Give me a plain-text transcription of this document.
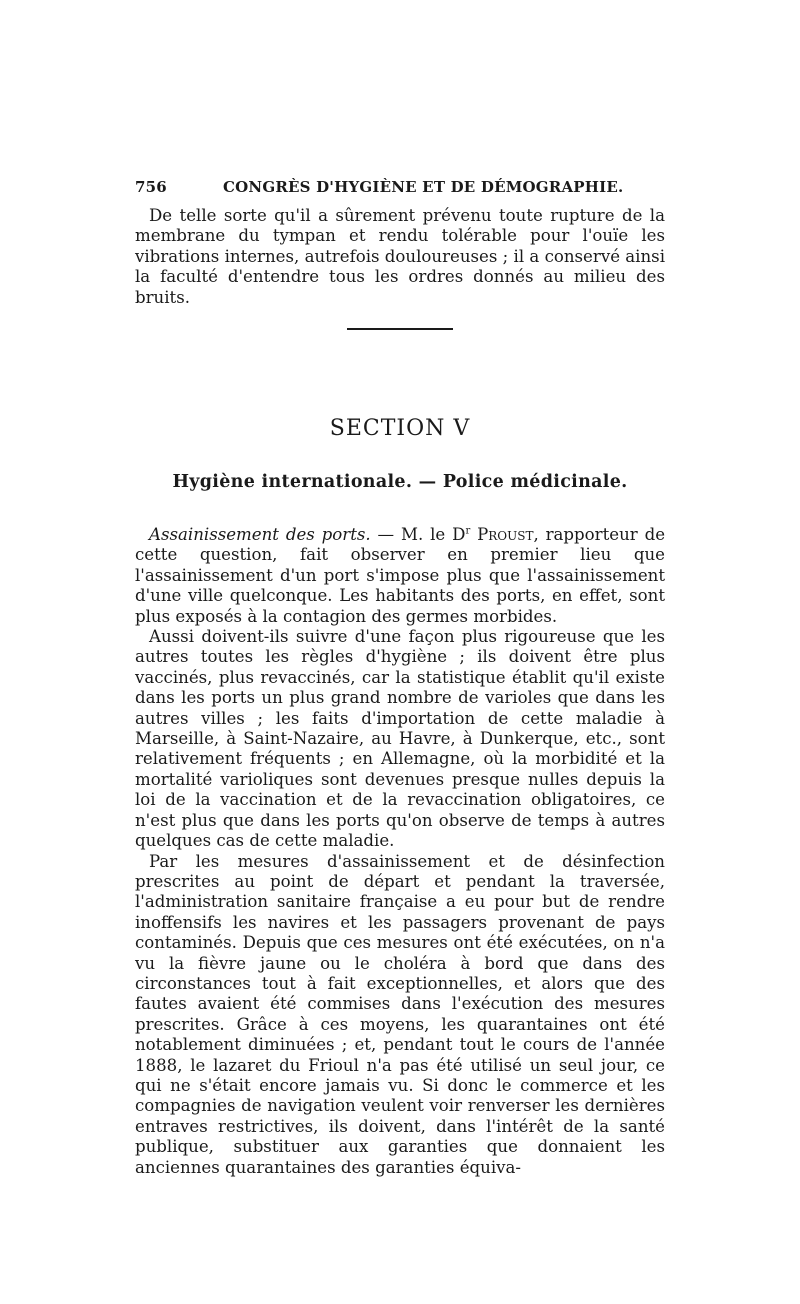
756	CONGRÈS D'HYGIÈNE ET DE DÉMOGRAPHIE.

De telle sorte qu'il a sûrement prévenu toute rupture de la membrane du tympan et rendu tolérable pour l'ouïe les vibrations internes, autrefois douloureuses ; il a conservé ainsi la faculté d'entendre tous les ordres donnés au milieu des bruits.

SECTION V
Hygiène internationale. — Police médicinale.

Assainissement des ports. — M. le $D^r$ Proust, rapporteur de cette question, fait observer en premier lieu que l'assainissement d'un port s'impose plus que l'assainissement d'une ville quelconque. Les habitants des ports, en effet, sont plus exposés à la contagion des germes morbides.

Aussi doivent-ils suivre d'une façon plus rigoureuse que les autres toutes les règles d'hygiène ; ils doivent être plus vaccinés, plus revaccinés, car la statistique établit qu'il existe dans les ports un plus grand nombre de varioles que dans les autres villes ; les faits d'importation de cette maladie à Marseille, à Saint-Nazaire, au Havre, à Dunkerque, etc., sont relativement fréquents ; en Allemagne, où la morbidité et la mortalité varioliques sont devenues presque nulles depuis la loi de la vaccination et de la revaccination obligatoires, ce n'est plus que dans les ports qu'on observe de temps à autres quelques cas de cette maladie.

Par les mesures d'assainissement et de désinfection prescrites au point de départ et pendant la traversée, l'administration sanitaire française a eu pour but de rendre inoffensifs les navires et les passagers provenant de pays contaminés. Depuis que ces mesures ont été exécutées, on n'a vu la fièvre jaune ou le choléra à bord que dans des circonstances tout à fait exceptionnelles, et alors que des fautes avaient été commises dans l'exécution des mesures prescrites. Grâce à ces moyens, les quarantaines ont été notablement diminuées ; et, pendant tout le cours de l'année 1888, le lazaret du Frioul n'a pas été utilisé un seul jour, ce qui ne s'était encore jamais vu. Si donc le commerce et les compagnies de navigation veulent voir renverser les dernières entraves restrictives, ils doivent, dans l'intérêt de la santé publique, substituer aux garanties que donnaient les anciennes quarantaines des garanties équiva-
